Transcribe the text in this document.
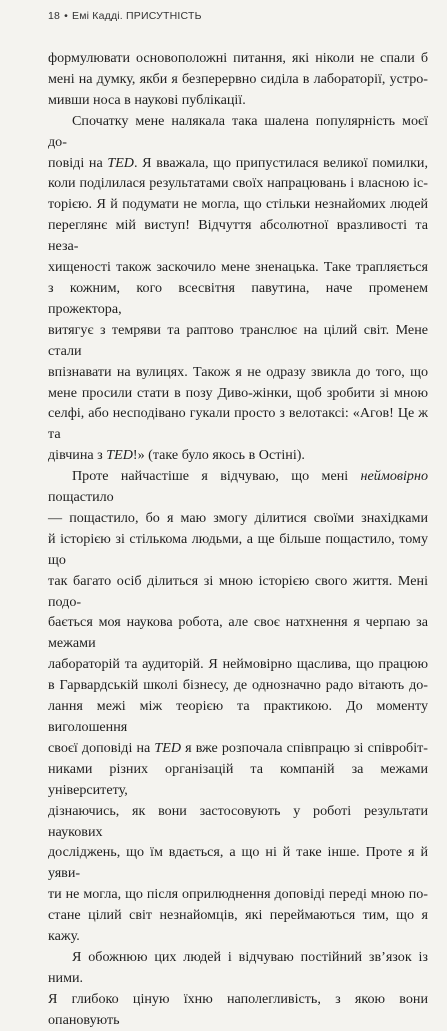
18 • Емі Кадді. ПРИСУТНІСТЬ

формулювати основоположні питання, які ніколи не спали б

мені на думку, якби я безперервно сиділа в лабораторії, устро-

мивши носа в наукові публікації.

Спочатку мене налякала така шалена популярність моєї до-

повіді на TED. Я вважала, що припустилася великої помилки,

коли поділилася результатами своїх напрацювань і власною іс-

торією. Я й подумати не могла, що стільки незнайомих людей

переглянє мій виступ! Відчуття абсолютної вразливості та неза-

хищеності також заскочило мене зненацька. Таке трапляється

з кожним, кого всесвітня павутина, наче променем прожектора,

витягує з темряви та раптово транслює на цілий світ. Мене стали

впізнавати на вулицях. Також я не одразу звикла до того, що

мене просили стати в позу Диво-жінки, щоб зробити зі мною

селфі, або несподівано гукали просто з велотаксі: «Агов! Це ж та

дівчина з TED!» (таке було якось в Остіні).

Проте найчастіше я відчуваю, що мені неймовірно пощастило

— пощастило, бо я маю змогу ділитися своїми знахідками

й історією зі стількома людьми, а ще більше пощастило, тому що

так багато осіб ділиться зі мною історією свого життя. Мені подо-

бається моя наукова робота, але своє натхнення я черпаю за межами

лабораторій та аудиторій. Я неймовірно щаслива, що працюю

в Гарвардській школі бізнесу, де однозначно радо вітають до-

лання межі між теорією та практикою. До моменту виголошення

своєї доповіді на TED я вже розпочала співпрацю зі співробіт-

никами різних організацій та компаній за межами університету,

дізнаючись, як вони застосовують у роботі результати наукових

досліджень, що їм вдається, а що ні й таке інше. Проте я й уяви-

ти не могла, що після оприлюднення доповіді переді мною по-

стане цілий світ незнайомців, які переймаються тим, що я кажу.

Я обожнюю цих людей і відчуваю постійний зв’язок із ними.

Я глибоко ціную їхню наполегливість, з якою вони опановують
